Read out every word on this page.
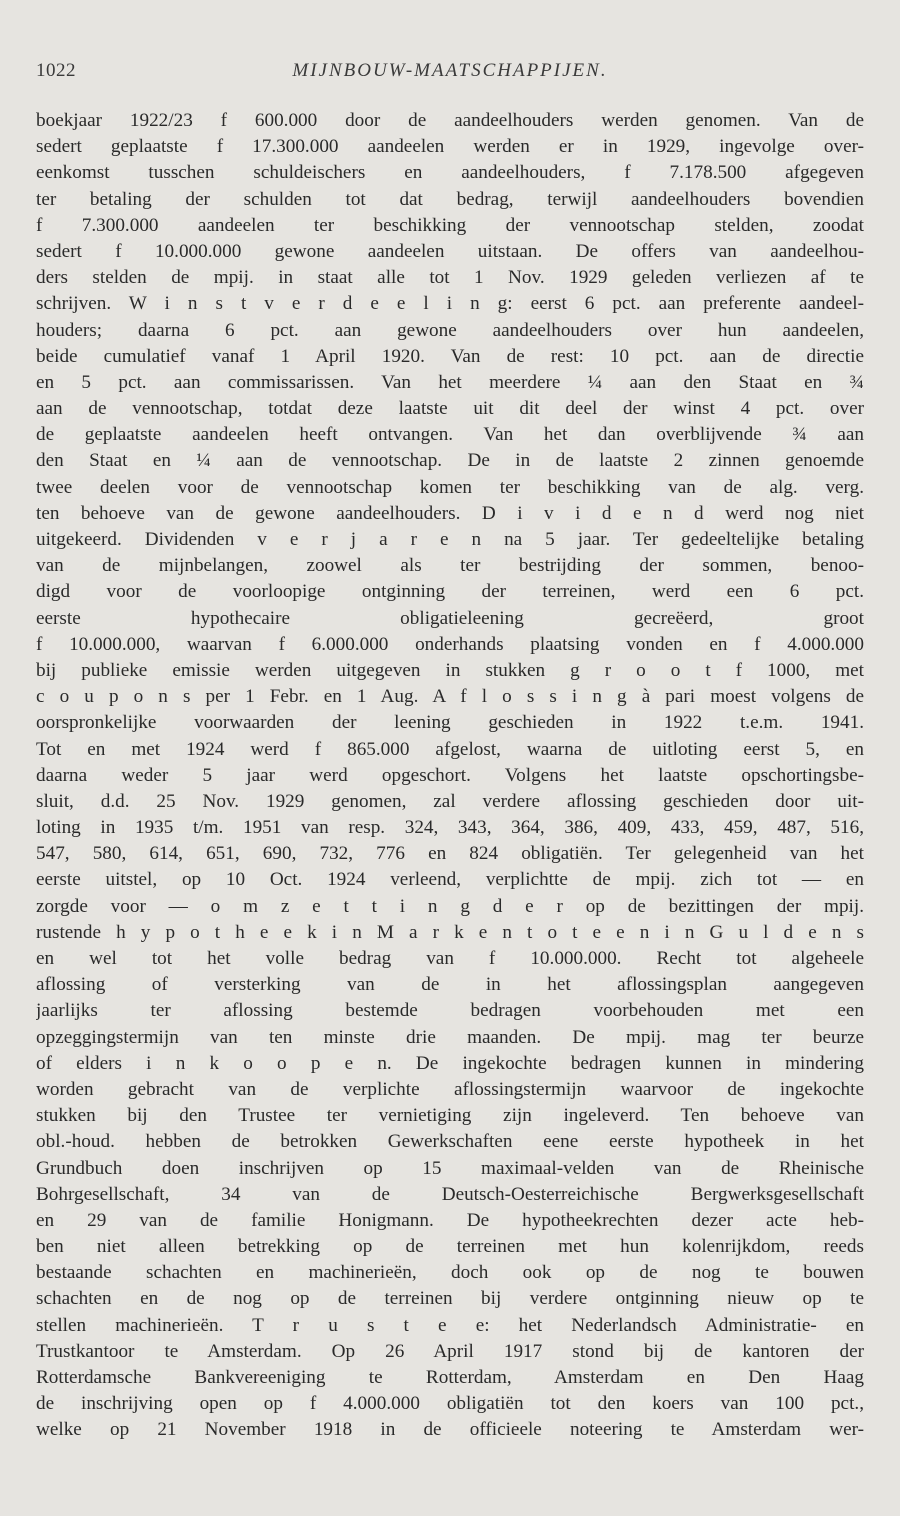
1022	MIJNBOUW-MAATSCHAPPIJEN.
boekjaar 1922/23 f 600.000 door de aandeelhouders werden genomen. Van de
sedert geplaatste f 17.300.000 aandeelen werden er in 1929, ingevolge over-
eenkomst tusschen schuldeischers en aandeelhouders, f 7.178.500 afgegeven
ter betaling der schulden tot dat bedrag, terwijl aandeelhouders bovendien
f 7.300.000 aandeelen ter beschikking der vennootschap stelden, zoodat
sedert f 10.000.000 gewone aandeelen uitstaan. De offers van aandeelhou-
ders stelden de mpij. in staat alle tot 1 Nov. 1929 geleden verliezen af te
schrijven. W i n s t v e r d e e l i n g: eerst 6 pct. aan preferente aandeel-
houders; daarna 6 pct. aan gewone aandeelhouders over hun aandeelen,
beide cumulatief vanaf 1 April 1920. Van de rest: 10 pct. aan de directie
en 5 pct. aan commissarissen. Van het meerdere ¼ aan den Staat en ¾
aan de vennootschap, totdat deze laatste uit dit deel der winst 4 pct. over
de geplaatste aandeelen heeft ontvangen. Van het dan overblijvende ¾ aan
den Staat en ¼ aan de vennootschap. De in de laatste 2 zinnen genoemde
twee deelen voor de vennootschap komen ter beschikking van de alg. verg.
ten behoeve van de gewone aandeelhouders. D i v i d e n d werd nog niet
uitgekeerd. Dividenden v e r j a r e n na 5 jaar. Ter gedeeltelijke betaling
van de mijnbelangen, zoowel als ter bestrijding der sommen, benoo-
digd voor de voorloopige ontginning der terreinen, werd een 6 pct.
eerste hypothecaire obligatieleening gecreëerd, groot
f 10.000.000, waarvan f 6.000.000 onderhands plaatsing vonden en f 4.000.000
bij publieke emissie werden uitgegeven in stukken g r o o t f 1000, met
c o u p o n s per 1 Febr. en 1 Aug. A f l o s s i n g à pari moest volgens de
oorspronkelijke voorwaarden der leening geschieden in 1922 t.e.m. 1941.
Tot en met 1924 werd f 865.000 afgelost, waarna de uitloting eerst 5, en
daarna weder 5 jaar werd opgeschort. Volgens het laatste opschortingsbe-
sluit, d.d. 25 Nov. 1929 genomen, zal verdere aflossing geschieden door uit-
loting in 1935 t/m. 1951 van resp. 324, 343, 364, 386, 409, 433, 459, 487, 516,
547, 580, 614, 651, 690, 732, 776 en 824 obligatiën. Ter gelegenheid van het
eerste uitstel, op 10 Oct. 1924 verleend, verplichtte de mpij. zich tot — en
zorgde voor — o m z e t t i n g d e r op de bezittingen der mpij.
rustende h y p o t h e e k i n M a r k e n t o t e e n i n G u l d e n s
en wel tot het volle bedrag van f 10.000.000. Recht tot algeheele
aflossing of versterking van de in het aflossingsplan aangegeven
jaarlijks ter aflossing bestemde bedragen voorbehouden met een
opzeggingstermijn van ten minste drie maanden. De mpij. mag ter beurze
of elders i n k o o p e n. De ingekochte bedragen kunnen in mindering
worden gebracht van de verplichte aflossingstermijn waarvoor de ingekochte
stukken bij den Trustee ter vernietiging zijn ingeleverd. Ten behoeve van
obl.-houd. hebben de betrokken Gewerkschaften eene eerste hypotheek in het
Grundbuch doen inschrijven op 15 maximaal-velden van de Rheinische
Bohrgesellschaft, 34 van de Deutsch-Oesterreichische Bergwerksgesellschaft
en 29 van de familie Honigmann. De hypotheekrechten dezer acte heb-
ben niet alleen betrekking op de terreinen met hun kolenrijkdom, reeds
bestaande schachten en machinerieën, doch ook op de nog te bouwen
schachten en de nog op de terreinen bij verdere ontginning nieuw op te
stellen machinerieën. T r u s t e e: het Nederlandsch Administratie- en
Trustkantoor te Amsterdam. Op 26 April 1917 stond bij de kantoren der
Rotterdamsche Bankvereeniging te Rotterdam, Amsterdam en Den Haag
de inschrijving open op f 4.000.000 obligatiën tot den koers van 100 pct.,
welke op 21 November 1918 in de officieele noteering te Amsterdam wer-
